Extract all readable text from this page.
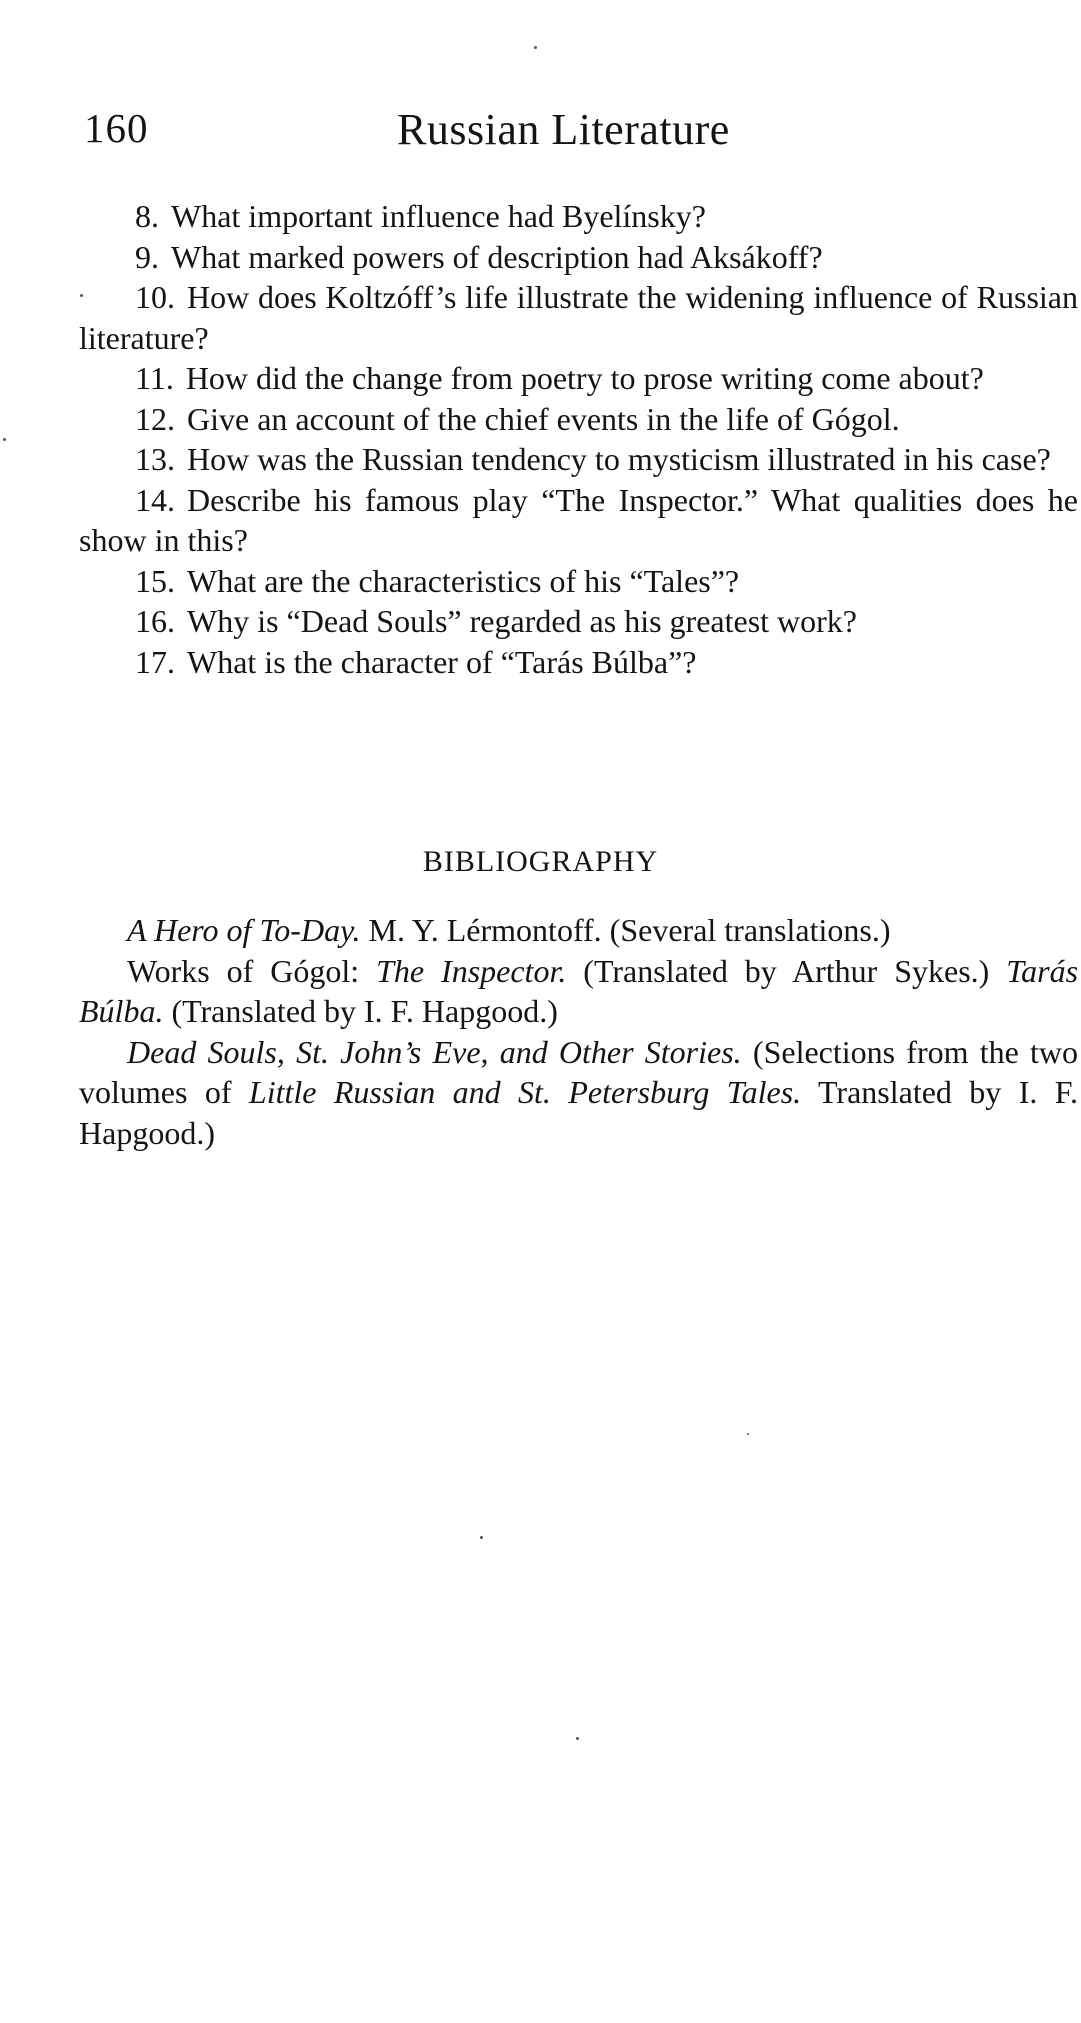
160	Russian Literature
8. What important influence had Byelínsky?
9. What marked powers of description had Aksákoff?
10. How does Koltzóff’s life illustrate the widening influence of Russian literature?
11. How did the change from poetry to prose writing come about?
12. Give an account of the chief events in the life of Gógol.
13. How was the Russian tendency to mysticism illustrated in his case?
14. Describe his famous play “The Inspector.” What qualities does he show in this?
15. What are the characteristics of his “Tales”?
16. Why is “Dead Souls” regarded as his greatest work?
17. What is the character of “Tarás Búlba”?
BIBLIOGRAPHY

A Hero of To-Day. M. Y. Lérmontoff. (Several translations.)

Works of Gógol: The Inspector. (Translated by Arthur Sykes.) Tarás Búlba. (Translated by I. F. Hapgood.)

Dead Souls, St. John’s Eve, and Other Stories. (Selections from the two volumes of Little Russian and St. Petersburg Tales. Translated by I. F. Hapgood.)
